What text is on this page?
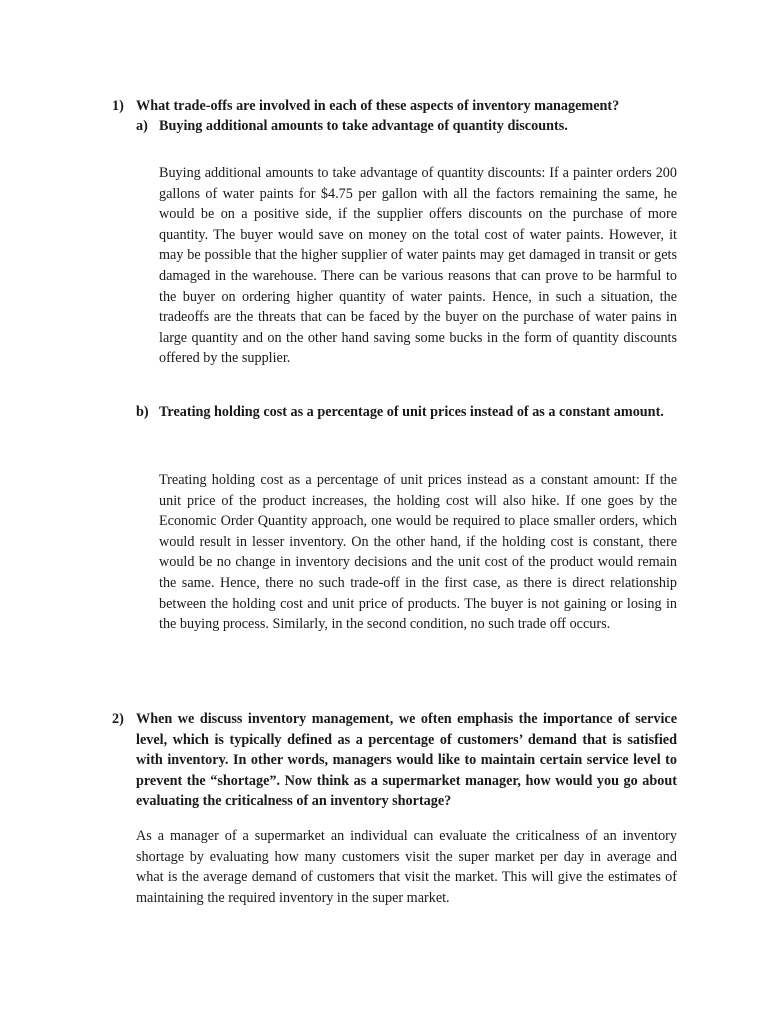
1) What trade-offs are involved in each of these aspects of inventory management?
a) Buying additional amounts to take advantage of quantity discounts.

Buying additional amounts to take advantage of quantity discounts: If a painter orders 200 gallons of water paints for $4.75 per gallon with all the factors remaining the same, he would be on a positive side, if the supplier offers discounts on the purchase of more quantity. The buyer would save on money on the total cost of water paints. However, it may be possible that the higher supplier of water paints may get damaged in transit or gets damaged in the warehouse. There can be various reasons that can prove to be harmful to the buyer on ordering higher quantity of water paints. Hence, in such a situation, the tradeoffs are the threats that can be faced by the buyer on the purchase of water pains in large quantity and on the other hand saving some bucks in the form of quantity discounts offered by the supplier.

b) Treating holding cost as a percentage of unit prices instead of as a constant amount.

Treating holding cost as a percentage of unit prices instead as a constant amount: If the unit price of the product increases, the holding cost will also hike. If one goes by the Economic Order Quantity approach, one would be required to place smaller orders, which would result in lesser inventory. On the other hand, if the holding cost is constant, there would be no change in inventory decisions and the unit cost of the product would remain the same. Hence, there no such trade-off in the first case, as there is direct relationship between the holding cost and unit price of products. The buyer is not gaining or losing in the buying process. Similarly, in the second condition, no such trade off occurs.

2) When we discuss inventory management, we often emphasis the importance of service level, which is typically defined as a percentage of customers’ demand that is satisfied with inventory. In other words, managers would like to maintain certain service level to prevent the “shortage”. Now think as a supermarket manager, how would you go about evaluating the criticalness of an inventory shortage?

As a manager of a supermarket an individual can evaluate the criticalness of an inventory shortage by evaluating how many customers visit the super market per day in average and what is the average demand of customers that visit the market. This will give the estimates of maintaining the required inventory in the super market.
